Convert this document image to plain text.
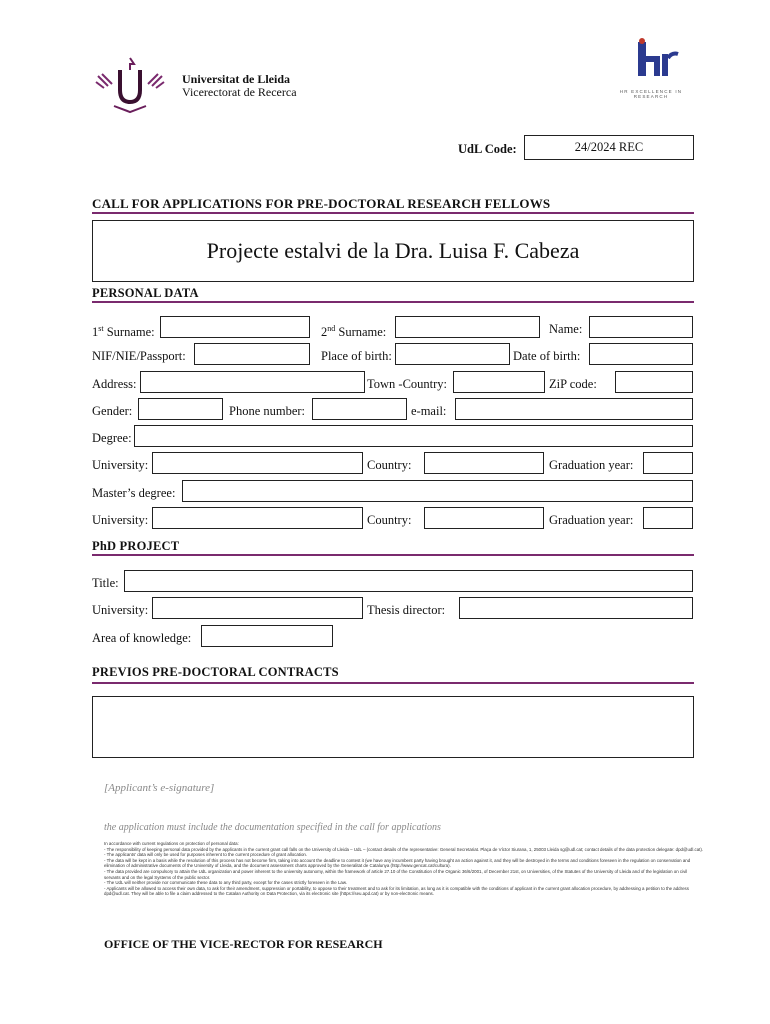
Universitat de Lleida
Vicerectorat de Recerca	HR EXCELLENCE IN RESEARCH
UdL Code:	24/2024 REC
CALL FOR APPLICATIONS FOR PRE-DOCTORAL RESEARCH FELLOWS
Projecte estalvi de la Dra. Luisa F. Cabeza
PERSONAL DATA
1st Surname:	2nd Surname:	Name:
NIF/NIE/Passport:	Place of birth:	Date of birth:
Address:	Town -Country:	ZiP code:
Gender:	Phone number:	e-mail:
Degree:
University:	Country:	Graduation year:
Master’s degree:
University:	Country:	Graduation year:
PhD PROJECT
Title:
University:	Thesis director:
Area of knowledge:
PREVIOS PRE-DOCTORAL CONTRACTS
[Applicant’s e-signature]
the application must include the documentation specified in the call for applications
In accordance with current regulations on protection of personal data:
- The responsibility of keeping personal data provided by the applicants in the current grant call falls on the University of Lleida – UdL – (contact details of the representative: General Secretariat. Plaça de Víctor Siurana, 1, 25003 Lleida sg@udl.cat; contact details of the data protection delegate: dpd@udl.cat).
- The applicants' data will only be used for purposes inherent to the current procedure of grant allocation.
- The data will be kept in a basis while the resolution of this process has not become firm, taking into account the deadline to contest it (we have any incumbent party having brought an action against it, and they will be destroyed in the terms and conditions foreseen in the regulation on conservation and elimination of administrative documents of the University of Lleida, and the document assessment charts approved by the Generalitat de Catalunya (http://www.gencat.cat/cultura).
- The data provided are compulsory to attain the UdL organization and power inherent to the university autonomy, within the framework of article 27.10 of the Constitution of the Organic 36/6/2001, of December 21st, on Universities, of the Statutes of the University of Lleida and of the legislation on civil servants and on the legal Systems of the public sector.
- The UdL will neither provide nor communicate these data to any third party, except for the cases strictly foreseen in the Law.
- Applicants will be allowed to access their own data, to ask for their amendment, suppression or portability, to oppose to their treatment and to ask for its limitation, as long as it is compatible with the conditions of applicant in the current grant allocation procedure, by addressing a petition to the address dpd@udl.cat. They will be able to file a claim addressed to the Catalan Authority on Data Protection, via its electronic site (https://seu.apd.cat) or by non-electronic means.
OFFICE OF THE VICE-RECTOR FOR RESEARCH
